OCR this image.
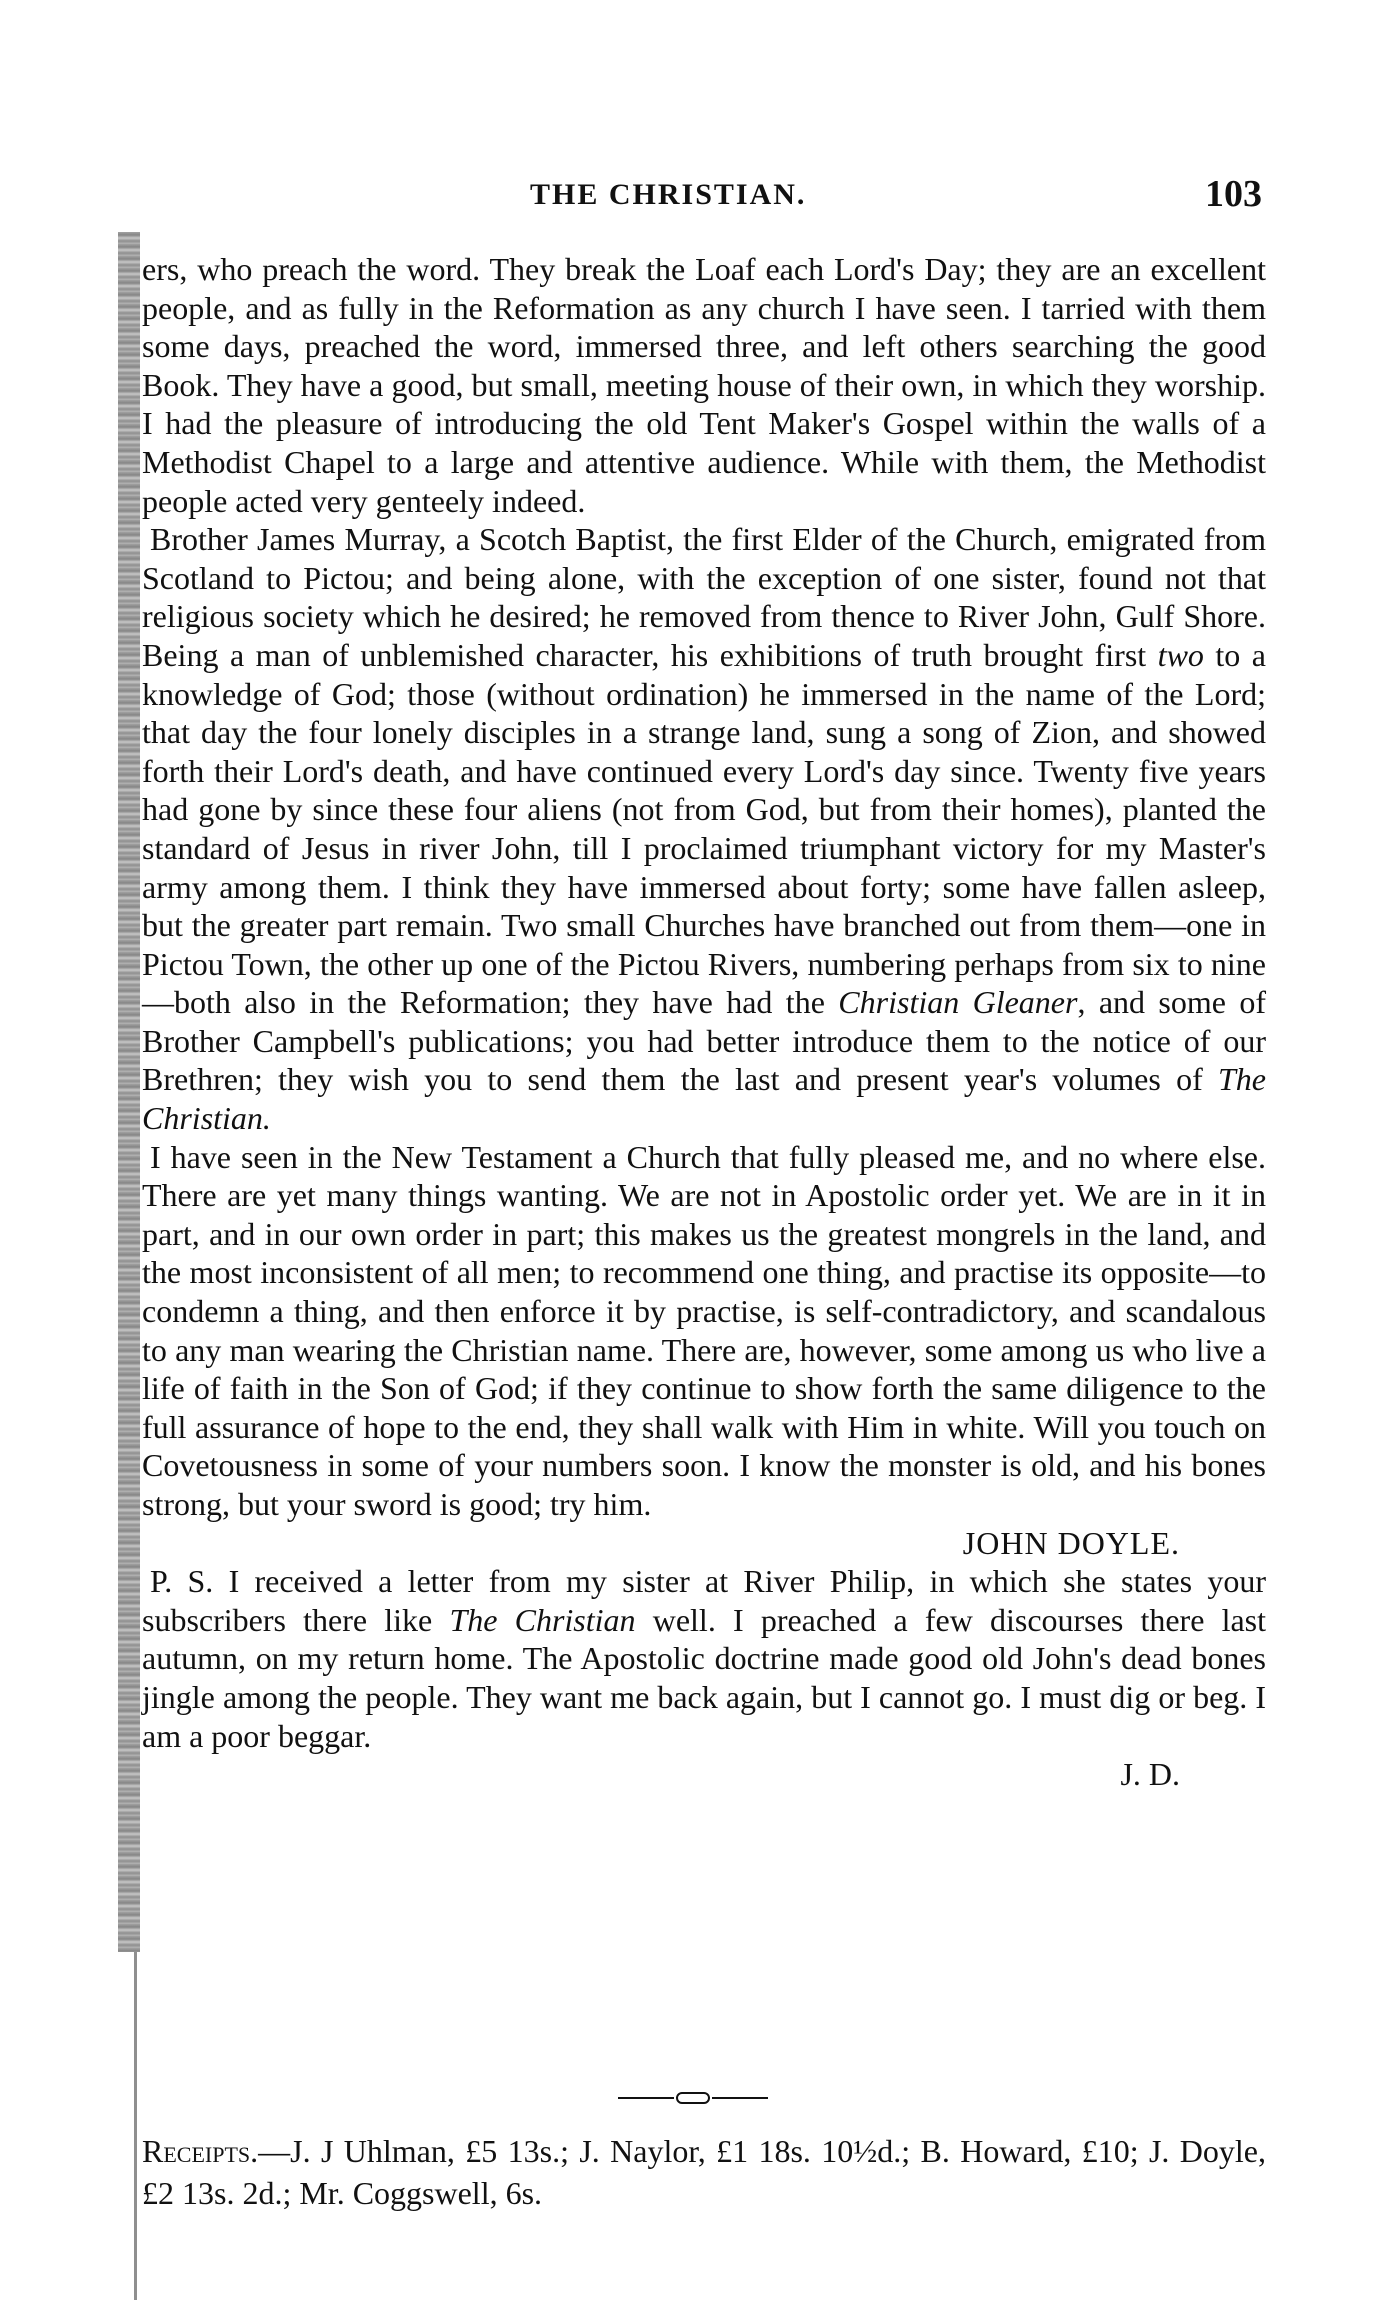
THE CHRISTIAN.	103

ers, who preach the word. They break the Loaf each Lord's Day; they are an excellent people, and as fully in the Reformation as any church I have seen. I tarried with them some days, preached the word, immersed three, and left others searching the good Book. They have a good, but small, meeting house of their own, in which they worship. I had the pleasure of introducing the old Tent Maker's Gospel within the walls of a Methodist Chapel to a large and attentive audience. While with them, the Methodist people acted very genteely indeed.

Brother James Murray, a Scotch Baptist, the first Elder of the Church, emigrated from Scotland to Pictou; and being alone, with the exception of one sister, found not that religious society which he desired; he removed from thence to River John, Gulf Shore. Being a man of unblemished character, his exhibitions of truth brought first two to a knowledge of God; those (without ordination) he immersed in the name of the Lord; that day the four lonely disciples in a strange land, sung a song of Zion, and showed forth their Lord's death, and have continued every Lord's day since. Twenty five years had gone by since these four aliens (not from God, but from their homes), planted the standard of Jesus in river John, till I proclaimed triumphant victory for my Master's army among them. I think they have immersed about forty; some have fallen asleep, but the greater part remain. Two small Churches have branched out from them—one in Pictou Town, the other up one of the Pictou Rivers, numbering perhaps from six to nine—both also in the Reformation; they have had the Christian Gleaner, and some of Brother Campbell's publications; you had better introduce them to the notice of our Brethren; they wish you to send them the last and present year's volumes of The Christian.

I have seen in the New Testament a Church that fully pleased me, and no where else. There are yet many things wanting. We are not in Apostolic order yet. We are in it in part, and in our own order in part; this makes us the greatest mongrels in the land, and the most inconsistent of all men; to recommend one thing, and practise its opposite—to condemn a thing, and then enforce it by practise, is self-contradictory, and scandalous to any man wearing the Christian name. There are, however, some among us who live a life of faith in the Son of God; if they continue to show forth the same diligence to the full assurance of hope to the end, they shall walk with Him in white. Will you touch on Covetousness in some of your numbers soon. I know the monster is old, and his bones strong, but your sword is good; try him.

JOHN DOYLE.

P. S. I received a letter from my sister at River Philip, in which she states your subscribers there like The Christian well. I preached a few discourses there last autumn, on my return home. The Apostolic doctrine made good old John's dead bones jingle among the people. They want me back again, but I cannot go. I must dig or beg. I am a poor beggar.

J. D.

Receipts.—J. J Uhlman, £5 13s.; J. Naylor, £1 18s. 10½d.; B. Howard, £10; J. Doyle, £2 13s. 2d.; Mr. Coggswell, 6s.
